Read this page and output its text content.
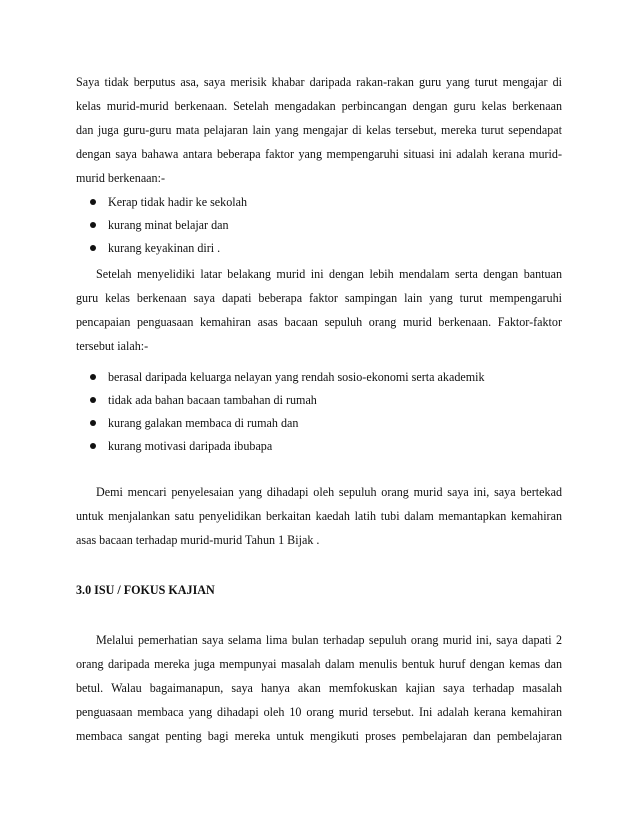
Saya tidak berputus asa, saya merisik khabar daripada rakan-rakan guru yang turut mengajar di
kelas murid-murid berkenaan. Setelah mengadakan perbincangan dengan guru kelas berkenaan
dan juga guru-guru mata pelajaran lain yang mengajar di kelas tersebut, mereka turut sependapat
dengan saya bahawa antara beberapa faktor yang mempengaruhi situasi ini adalah kerana murid-
murid berkenaan:-
Kerap tidak hadir ke sekolah
kurang minat belajar dan
kurang keyakinan diri .
Setelah menyelidiki latar belakang murid ini dengan lebih mendalam serta dengan bantuan
guru kelas berkenaan saya dapati beberapa faktor sampingan lain yang turut mempengaruhi
pencapaian penguasaan kemahiran asas bacaan sepuluh orang murid berkenaan. Faktor-faktor
tersebut ialah:-
berasal daripada keluarga nelayan yang rendah sosio-ekonomi serta akademik
tidak ada bahan bacaan tambahan di rumah
kurang galakan membaca di rumah dan
kurang motivasi daripada ibubapa
Demi mencari penyelesaian yang dihadapi oleh sepuluh orang murid saya ini, saya bertekad
untuk menjalankan satu penyelidikan berkaitan kaedah latih tubi dalam memantapkan kemahiran
asas bacaan terhadap murid-murid Tahun 1 Bijak .
3.0 ISU / FOKUS KAJIAN
Melalui pemerhatian saya selama lima bulan terhadap sepuluh orang murid ini, saya dapati 2
orang daripada mereka juga mempunyai masalah dalam menulis bentuk huruf dengan kemas dan
betul. Walau bagaimanapun, saya hanya akan memfokuskan kajian saya terhadap masalah
penguasaan membaca yang dihadapi oleh 10 orang murid tersebut. Ini adalah kerana kemahiran
membaca sangat penting bagi mereka untuk mengikuti proses pembelajaran dan pembelajaran
